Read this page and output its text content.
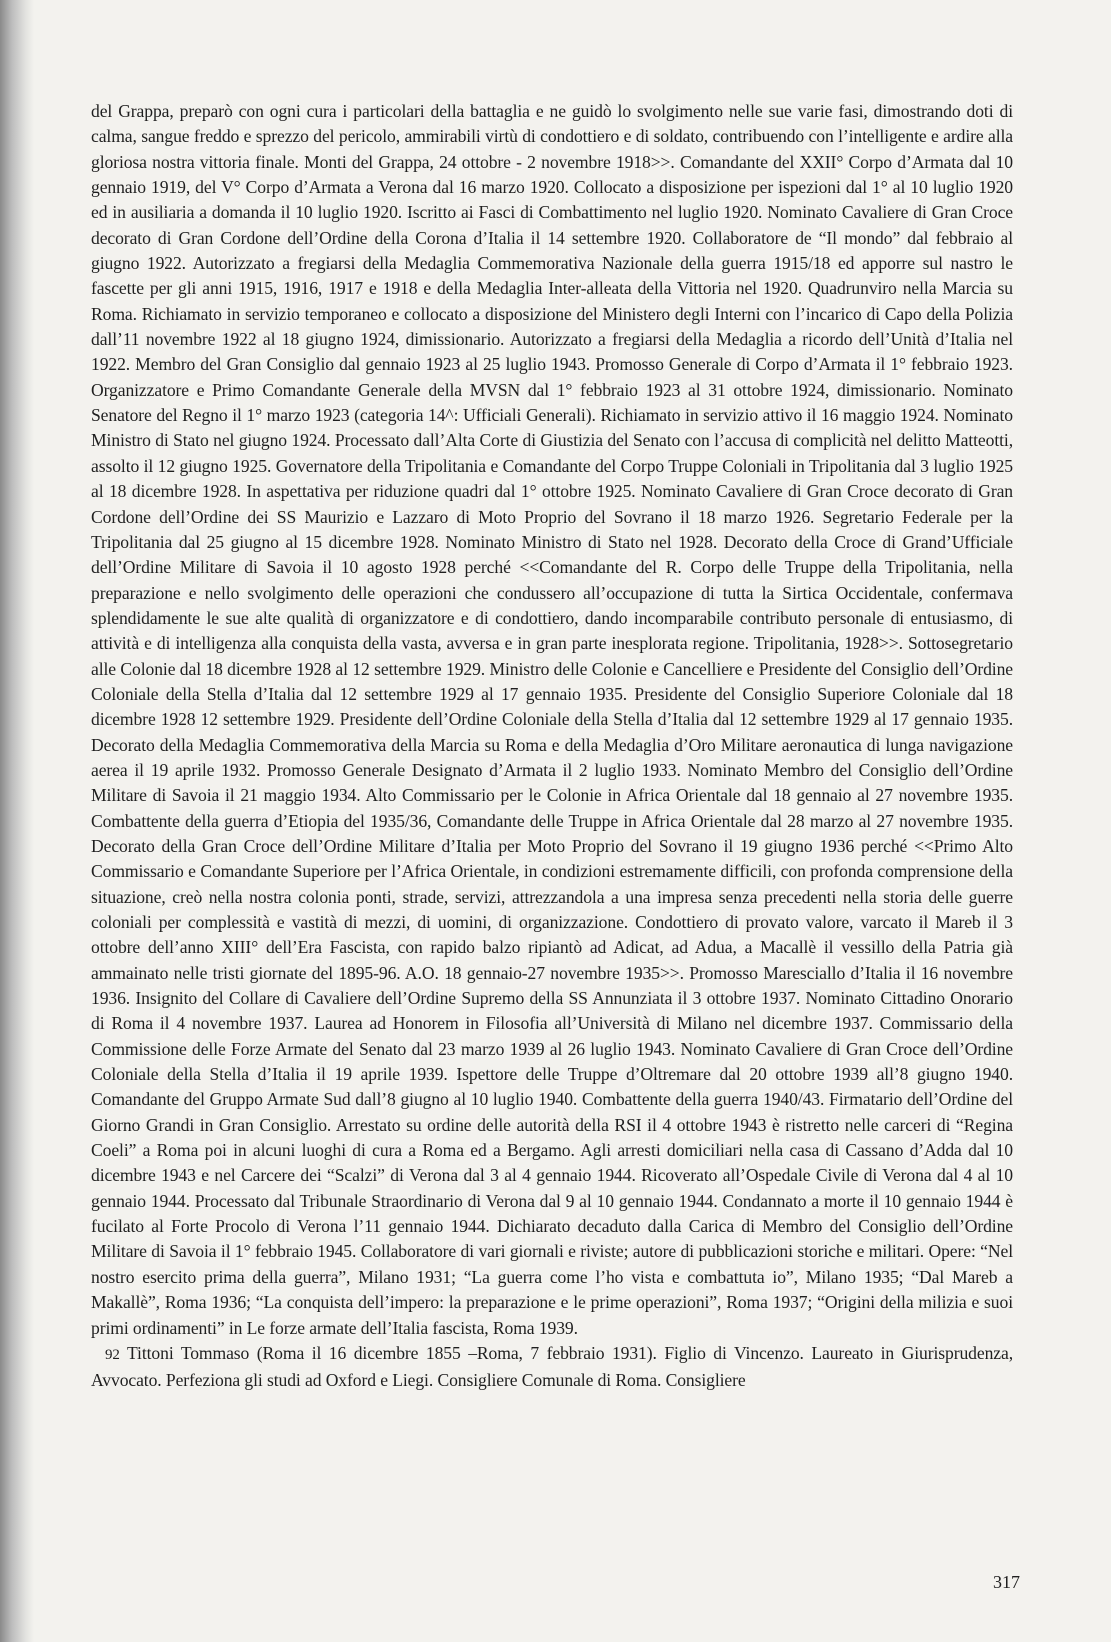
del Grappa, preparò con ogni cura i particolari della battaglia e ne guidò lo svolgimento nelle sue varie fasi, dimostrando doti di calma, sangue freddo e sprezzo del pericolo, ammirabili virtù di condottiero e di soldato, contribuendo con l’intelligente e ardire alla gloriosa nostra vittoria finale. Monti del Grappa, 24 ottobre - 2 novembre 1918>>. Comandante del XXII° Corpo d’Armata dal 10 gennaio 1919, del V° Corpo d’Armata a Verona dal 16 marzo 1920. Collocato a disposizione per ispezioni dal 1° al 10 luglio 1920 ed in ausiliaria a domanda il 10 luglio 1920. Iscritto ai Fasci di Combattimento nel luglio 1920. Nominato Cavaliere di Gran Croce decorato di Gran Cordone dell’Ordine della Corona d’Italia il 14 settembre 1920. Collaboratore de “Il mondo” dal febbraio al giugno 1922. Autorizzato a fregiarsi della Medaglia Commemorativa Nazionale della guerra 1915/18 ed apporre sul nastro le fascette per gli anni 1915, 1916, 1917 e 1918 e della Medaglia Inter-alleata della Vittoria nel 1920. Quadrunviro nella Marcia su Roma. Richiamato in servizio temporaneo e collocato a disposizione del Ministero degli Interni con l’incarico di Capo della Polizia dall’11 novembre 1922 al 18 giugno 1924, dimissionario. Autorizzato a fregiarsi della Medaglia a ricordo dell’Unità d’Italia nel 1922. Membro del Gran Consiglio dal gennaio 1923 al 25 luglio 1943. Promosso Generale di Corpo d’Armata il 1° febbraio 1923. Organizzatore e Primo Comandante Generale della MVSN dal 1° febbraio 1923 al 31 ottobre 1924, dimissionario. Nominato Senatore del Regno il 1° marzo 1923 (categoria 14^: Ufficiali Generali). Richiamato in servizio attivo il 16 maggio 1924. Nominato Ministro di Stato nel giugno 1924. Processato dall’Alta Corte di Giustizia del Senato con l’accusa di complicità nel delitto Matteotti, assolto il 12 giugno 1925. Governatore della Tripolitania e Comandante del Corpo Truppe Coloniali in Tripolitania dal 3 luglio 1925 al 18 dicembre 1928. In aspettativa per riduzione quadri dal 1° ottobre 1925. Nominato Cavaliere di Gran Croce decorato di Gran Cordone dell’Ordine dei SS Maurizio e Lazzaro di Moto Proprio del Sovrano il 18 marzo 1926. Segretario Federale per la Tripolitania dal 25 giugno al 15 dicembre 1928. Nominato Ministro di Stato nel 1928. Decorato della Croce di Grand’Ufficiale dell’Ordine Militare di Savoia il 10 agosto 1928 perché <<Comandante del R. Corpo delle Truppe della Tripolitania, nella preparazione e nello svolgimento delle operazioni che condussero all’occupazione di tutta la Sirtica Occidentale, confermava splendidamente le sue alte qualità di organizzatore e di condottiero, dando incomparabile contributo personale di entusiasmo, di attività e di intelligenza alla conquista della vasta, avversa e in gran parte inesplorata regione. Tripolitania, 1928>>. Sottosegretario alle Colonie dal 18 dicembre 1928 al 12 settembre 1929. Ministro delle Colonie e Cancelliere e Presidente del Consiglio dell’Ordine Coloniale della Stella d’Italia dal 12 settembre 1929 al 17 gennaio 1935. Presidente del Consiglio Superiore Coloniale dal 18 dicembre 1928 12 settembre 1929. Presidente dell’Ordine Coloniale della Stella d’Italia dal 12 settembre 1929 al 17 gennaio 1935. Decorato della Medaglia Commemorativa della Marcia su Roma e della Medaglia d’Oro Militare aeronautica di lunga navigazione aerea il 19 aprile 1932. Promosso Generale Designato d’Armata il 2 luglio 1933. Nominato Membro del Consiglio dell’Ordine Militare di Savoia il 21 maggio 1934. Alto Commissario per le Colonie in Africa Orientale dal 18 gennaio al 27 novembre 1935. Combattente della guerra d’Etiopia del 1935/36, Comandante delle Truppe in Africa Orientale dal 28 marzo al 27 novembre 1935. Decorato della Gran Croce dell’Ordine Militare d’Italia per Moto Proprio del Sovrano il 19 giugno 1936 perché <<Primo Alto Commissario e Comandante Superiore per l’Africa Orientale, in condizioni estremamente difficili, con profonda comprensione della situazione, creò nella nostra colonia ponti, strade, servizi, attrezzandola a una impresa senza precedenti nella storia delle guerre coloniali per complessità e vastità di mezzi, di uomini, di organizzazione. Condottiero di provato valore, varcato il Mareb il 3 ottobre dell’anno XIII° dell’Era Fascista, con rapido balzo ripiantò ad Adicat, ad Adua, a Macallè il vessillo della Patria già ammainato nelle tristi giornate del 1895-96. A.O. 18 gennaio-27 novembre 1935>>. Promosso Maresciallo d’Italia il 16 novembre 1936. Insignito del Collare di Cavaliere dell’Ordine Supremo della SS Annunziata il 3 ottobre 1937. Nominato Cittadino Onorario di Roma il 4 novembre 1937. Laurea ad Honorem in Filosofia all’Università di Milano nel dicembre 1937. Commissario della Commissione delle Forze Armate del Senato dal 23 marzo 1939 al 26 luglio 1943. Nominato Cavaliere di Gran Croce dell’Ordine Coloniale della Stella d’Italia il 19 aprile 1939. Ispettore delle Truppe d’Oltremare dal 20 ottobre 1939 all’8 giugno 1940. Comandante del Gruppo Armate Sud dall’8 giugno al 10 luglio 1940. Combattente della guerra 1940/43. Firmatario dell’Ordine del Giorno Grandi in Gran Consiglio. Arrestato su ordine delle autorità della RSI il 4 ottobre 1943 è ristretto nelle carceri di “Regina Coeli” a Roma poi in alcuni luoghi di cura a Roma ed a Bergamo. Agli arresti domiciliari nella casa di Cassano d’Adda dal 10 dicembre 1943 e nel Carcere dei “Scalzi” di Verona dal 3 al 4 gennaio 1944. Ricoverato all’Ospedale Civile di Verona dal 4 al 10 gennaio 1944. Processato dal Tribunale Straordinario di Verona dal 9 al 10 gennaio 1944. Condannato a morte il 10 gennaio 1944 è fucilato al Forte Procolo di Verona l’11 gennaio 1944. Dichiarato decaduto dalla Carica di Membro del Consiglio dell’Ordine Militare di Savoia il 1° febbraio 1945. Collaboratore di vari giornali e riviste; autore di pubblicazioni storiche e militari. Opere: “Nel nostro esercito prima della guerra”, Milano 1931; “La guerra come l’ho vista e combattuta io”, Milano 1935; “Dal Mareb a Makallè”, Roma 1936; “La conquista dell’impero: la preparazione e le prime operazioni”, Roma 1937; “Origini della milizia e suoi primi ordinamenti” in Le forze armate dell’Italia fascista, Roma 1939.

92 Tittoni Tommaso (Roma il 16 dicembre 1855 –Roma, 7 febbraio 1931). Figlio di Vincenzo. Laureato in Giurisprudenza, Avvocato. Perfeziona gli studi ad Oxford e Liegi. Consigliere Comunale di Roma. Consigliere

317
